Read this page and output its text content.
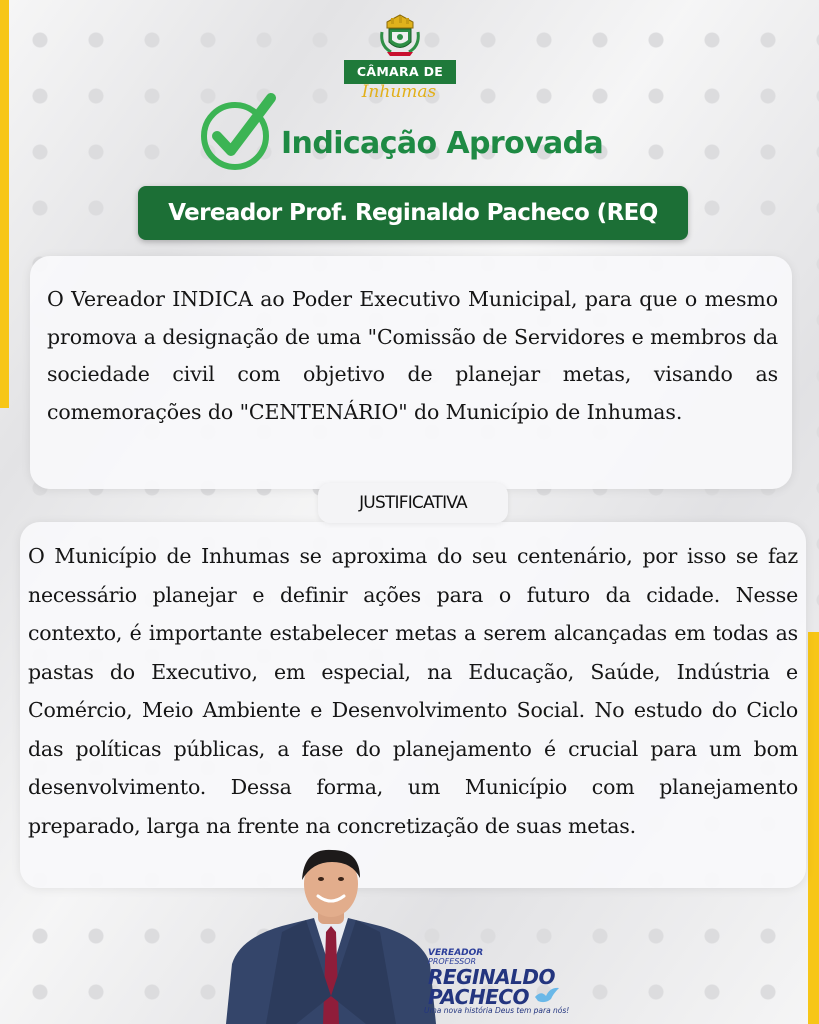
CÂMARA DE
Inhumas
Indicação Aprovada
Vereador Prof. Reginaldo Pacheco (REQ
O Vereador INDICA ao Poder Executivo Municipal, para que o mesmo promova a designação de uma "Comissão de Servidores e membros da sociedade civil com objetivo de planejar metas, visando as comemorações do "CENTENÁRIO" do Município de Inhumas.
JUSTIFICATIVA
O Município de Inhumas se aproxima do seu centenário, por isso se faz necessário planejar e definir ações para o futuro da cidade. Nesse contexto, é importante estabelecer metas a serem alcançadas em todas as pastas do Executivo, em especial, na Educação, Saúde, Indústria e Comércio, Meio Ambiente e Desenvolvimento Social. No estudo do Ciclo das políticas públicas, a fase do planejamento é crucial para um bom desenvolvimento. Dessa forma, um Município com planejamento preparado, larga na frente na concretização de suas metas.
VEREADOR
PROFESSOR
REGINALDO
PACHECO
Uma nova história Deus tem para nós!
